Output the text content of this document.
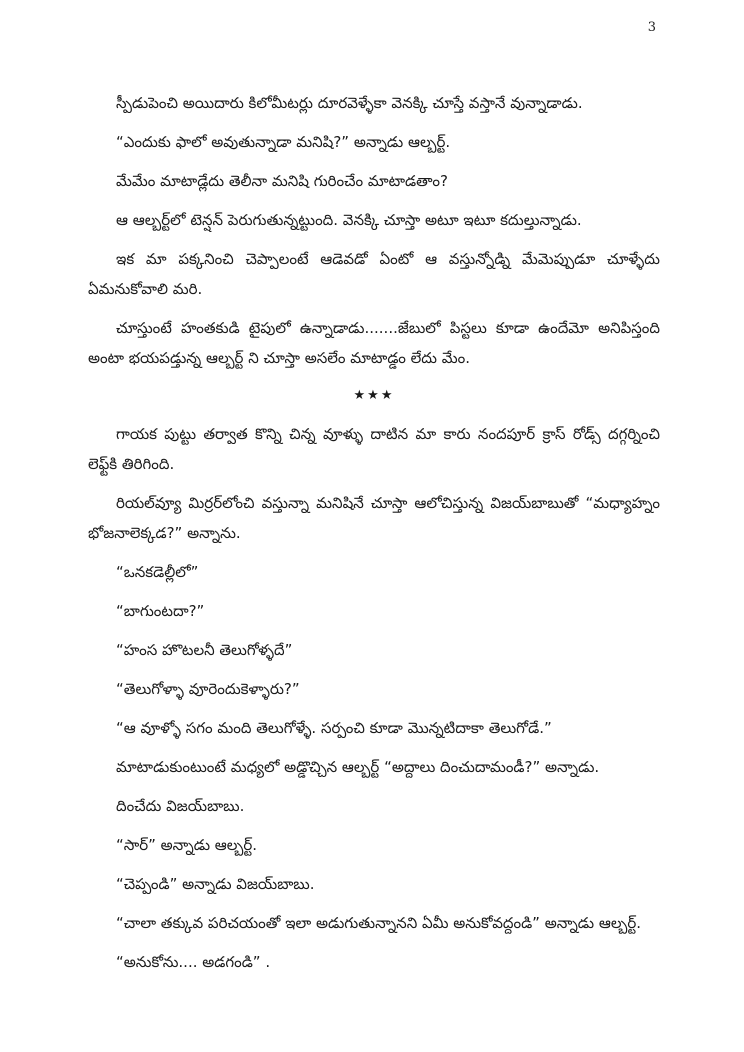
3

స్పీడుపెంచి అయిదారు కిలోమీటర్లు దూరవెళ్ళేకా వెనక్కి చూస్తే వస్తానే వున్నాడాడు.

“ఎందుకు ఫాలో అవుతున్నాడా మనిషి?” అన్నాడు ఆల్బర్ట్.

మేమేం మాటాడ్లేదు తెలీనా మనిషి గురించేం మాటాడతాం?

ఆ ఆల్బర్ట్‌లో టెన్షన్ పెరుగుతున్నట్టుంది. వెనక్కి చూస్తా అటూ ఇటూ కదుల్తున్నాడు.

ఇక మా పక్కనించి చెప్పాలంటే ఆడెవడో ఏంటో ఆ వస్తున్నోడ్ని మేమెప్పుడూ చూళ్ళేదు ఏమనుకోవాలి మరి.

చూస్తుంటే హంతకుడి టైపులో ఉన్నాడాడు.......జేబులో పిస్టలు కూడా ఉందేమో అనిపిస్తంది అంటా భయపడ్తున్న ఆల్బర్ట్ ని చూస్తా అసలేం మాటాడ్డం లేదు మేం.

★★★

గాయక పుట్టు తర్వాత కొన్ని చిన్న వూళ్ళు దాటిన మా కారు నందపూర్ క్రాస్ రోడ్స్ దగ్గర్నించి లెఫ్ట్‌కి తిరిగింది.

రియల్‌వ్యూ మిర్రర్‌లోంచి వస్తున్నా మనిషినే చూస్తా ఆలోచిస్తున్న విజయ్‌బాబుతో “మధ్యాహ్నం భోజనాలెక్కడ?” అన్నాను.

“ఒనకడెల్లీలో”

“బాగుంటదా?”

“హంస హొటలనీ తెలుగోళ్ళదే”

“తెలుగోళ్ళా వూరెందుకెళ్ళారు?”

“ఆ వూళ్ళో సగం మంది తెలుగోళ్ళే. సర్పంచి కూడా మొన్నటిదాకా తెలుగోడే.”

మాటాడుకుంటుంటే మధ్యలో అడ్డొచ్చిన ఆల్బర్ట్ “అద్దాలు దించుదామండీ?” అన్నాడు.

దించేదు విజయ్‌బాబు.

“సార్” అన్నాడు ఆల్బర్ట్.

“చెప్పండి” అన్నాడు విజయ్‌బాబు.

“చాలా తక్కువ పరిచయంతో ఇలా అడుగుతున్నానని ఏమీ అనుకోవద్దండి” అన్నాడు ఆల్బర్ట్.

“అనుకోను.... అడగండి” .
